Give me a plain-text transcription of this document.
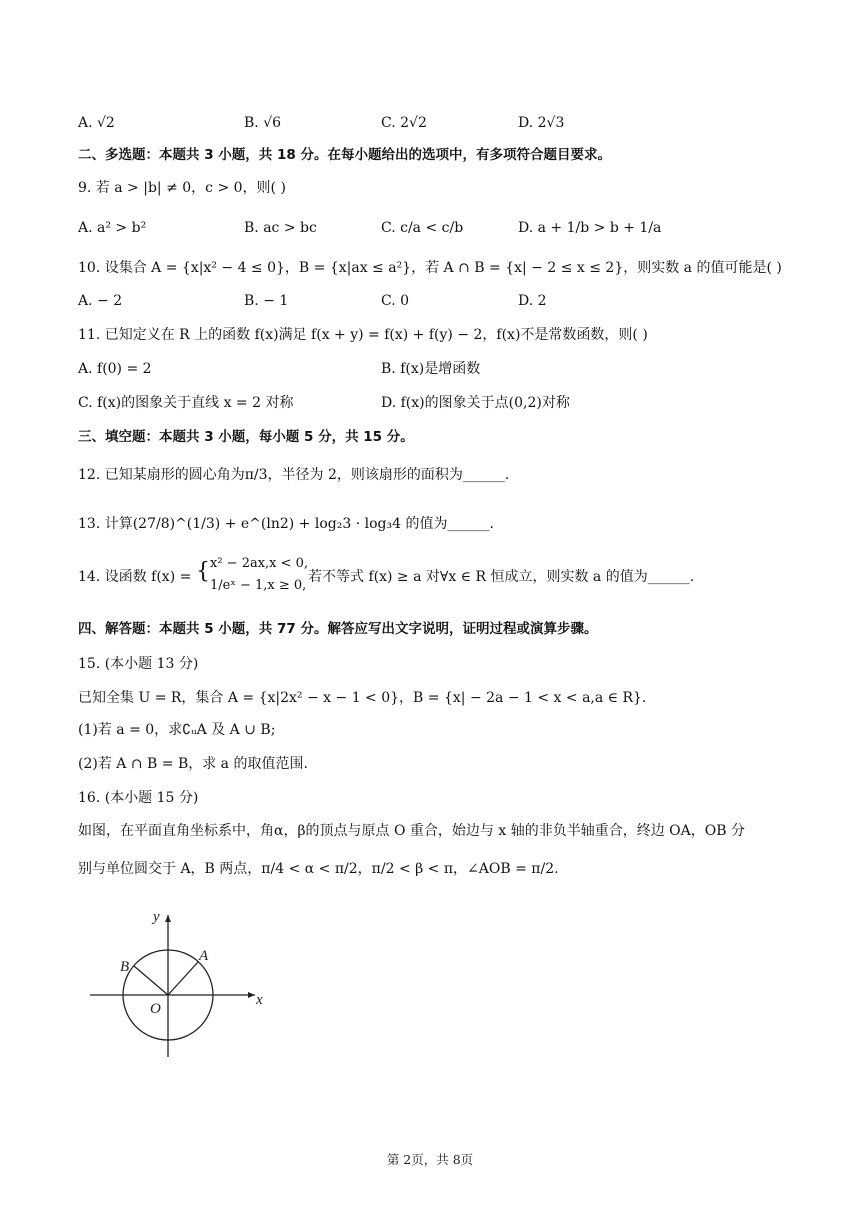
A. √2	B. √6	C. 2√2	D. 2√3
二、多选题：本题共 3 小题，共 18 分。在每小题给出的选项中，有多项符合题目要求。
9. 若 a > |b| ≠ 0，c > 0，则( )
A. a² > b²	B. ac > bc	C. c/a < c/b	D. a + 1/b > b + 1/a
10. 设集合 A = {x|x² − 4 ≤ 0}，B = {x|ax ≤ a²}，若 A ∩ B = {x| − 2 ≤ x ≤ 2}，则实数 a 的值可能是( )
A. − 2	B. − 1	C. 0	D. 2
11. 已知定义在 R 上的函数 f(x)满足 f(x + y) = f(x) + f(y) − 2，f(x)不是常数函数，则( )
A. f(0) = 2	B. f(x)是增函数
C. f(x)的图象关于直线 x = 2 对称	D. f(x)的图象关于点(0,2)对称
三、填空题：本题共 3 小题，每小题 5 分，共 15 分。
12. 已知某扇形的圆心角为π/3，半径为 2，则该扇形的面积为______.
13. 计算(27/8)^(1/3) + e^(ln2) + log₂3 · log₃4 的值为______.
14. 设函数 f(x) = { x² − 2ax,x < 0,
1/eˣ − 1,x ≥ 0,
若不等式 f(x) ≥ a 对∀x ∈ R 恒成立，则实数 a 的值为______.
四、解答题：本题共 5 小题，共 77 分。解答应写出文字说明，证明过程或演算步骤。
15. (本小题 13 分)
已知全集 U = R，集合 A = {x|2x² − x − 1 < 0}，B = {x| − 2a − 1 < x < a,a ∈ R}.
(1)若 a = 0，求∁ᵤA 及 A ∪ B;
(2)若 A ∩ B = B，求 a 的取值范围.
16. (本小题 15 分)
如图，在平面直角坐标系中，角α，β的顶点与原点 O 重合，始边与 x 轴的非负半轴重合，终边 OA，OB 分
别与单位圆交于 A，B 两点，π/4 < α < π/2，π/2 < β < π，∠AOB = π/2.
y
x
A
B
O
第 2页，共 8页
